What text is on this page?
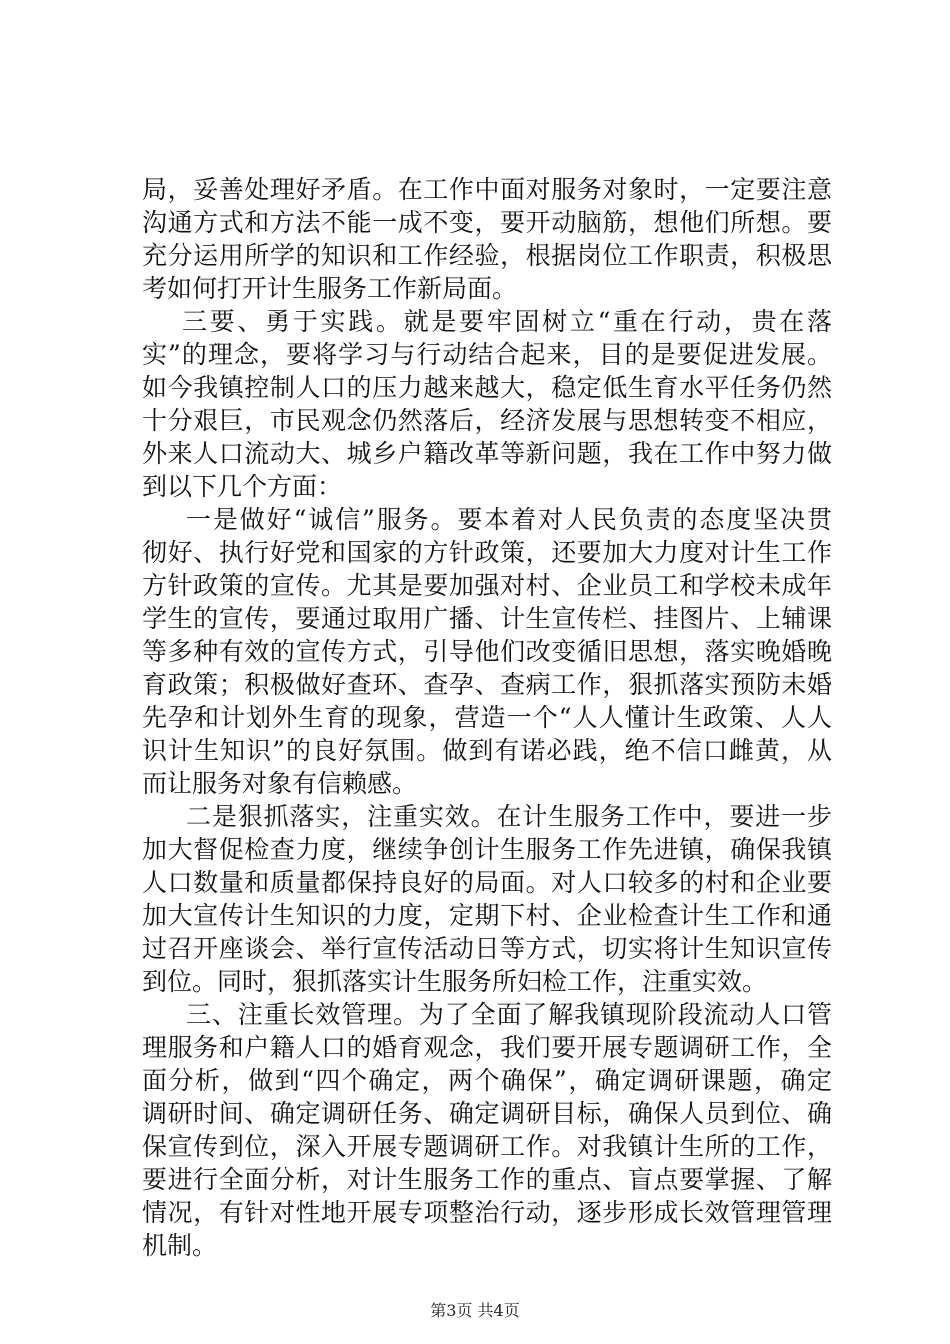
局，妥善处理好矛盾。在工作中面对服务对象时，一定要注意
沟通方式和方法不能一成不变，要开动脑筋，想他们所想。要
充分运用所学的知识和工作经验，根据岗位工作职责，积极思
考如何打开计生服务工作新局面。
三要、勇于实践。就是要牢固树立“重在行动，贵在落
实”的理念，要将学习与行动结合起来，目的是要促进发展。
如今我镇控制人口的压力越来越大，稳定低生育水平任务仍然
十分艰巨，市民观念仍然落后，经济发展与思想转变不相应，
外来人口流动大、城乡户籍改革等新问题，我在工作中努力做
到以下几个方面：
一是做好“诚信”服务。要本着对人民负责的态度坚决贯
彻好、执行好党和国家的方针政策，还要加大力度对计生工作
方针政策的宣传。尤其是要加强对村、企业员工和学校未成年
学生的宣传，要通过取用广播、计生宣传栏、挂图片、上辅课
等多种有效的宣传方式，引导他们改变循旧思想，落实晚婚晚
育政策；积极做好查环、查孕、查病工作，狠抓落实预防未婚
先孕和计划外生育的现象，营造一个“人人懂计生政策、人人
识计生知识”的良好氛围。做到有诺必践，绝不信口雌黄，从
而让服务对象有信赖感。
二是狠抓落实，注重实效。在计生服务工作中，要进一步
加大督促检查力度，继续争创计生服务工作先进镇，确保我镇
人口数量和质量都保持良好的局面。对人口较多的村和企业要
加大宣传计生知识的力度，定期下村、企业检查计生工作和通
过召开座谈会、举行宣传活动日等方式，切实将计生知识宣传
到位。同时，狠抓落实计生服务所妇检工作，注重实效。
三、注重长效管理。为了全面了解我镇现阶段流动人口管
理服务和户籍人口的婚育观念，我们要开展专题调研工作，全
面分析，做到“四个确定，两个确保”，确定调研课题，确定
调研时间、确定调研任务、确定调研目标，确保人员到位、确
保宣传到位，深入开展专题调研工作。对我镇计生所的工作，
要进行全面分析，对计生服务工作的重点、盲点要掌握、了解
情况，有针对性地开展专项整治行动，逐步形成长效管理管理
机制。
第3页 共4页
